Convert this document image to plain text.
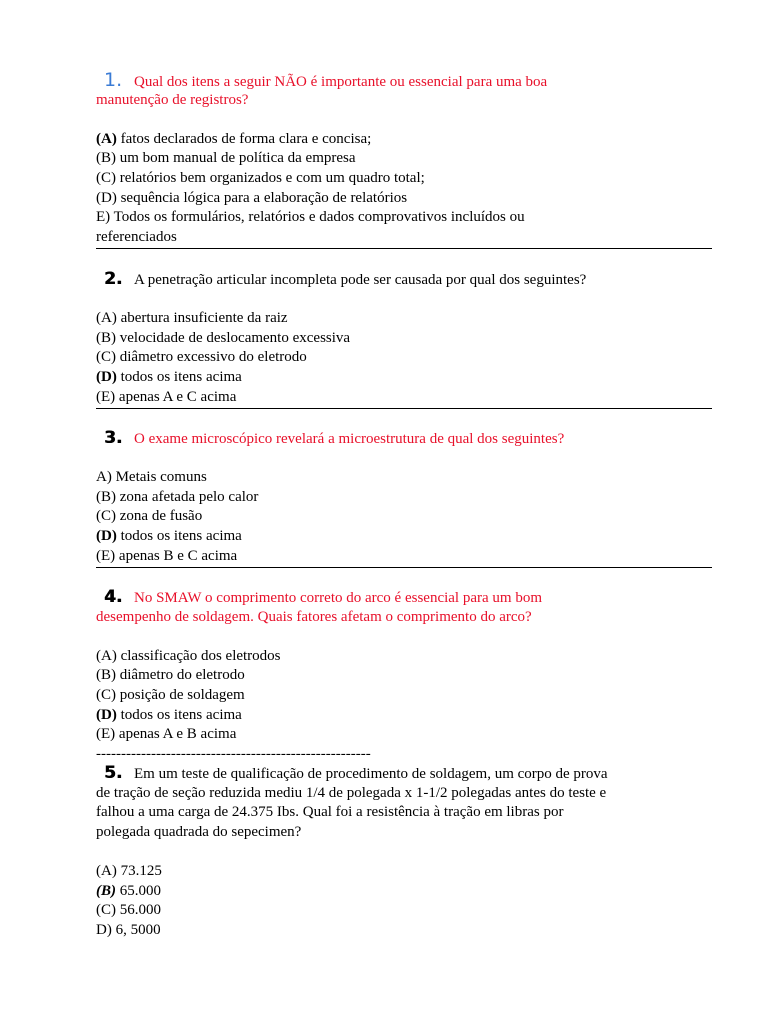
1. Qual dos itens a seguir NÃO é importante ou essencial para uma boa
manutenção de registros?
(A) fatos declarados de forma clara e concisa;
(B) um bom manual de política da empresa
(C) relatórios bem organizados e com um quadro total;
(D) sequência lógica para a elaboração de relatórios
E) Todos os formulários, relatórios e dados comprovativos incluídos ou
referenciados
2. A penetração articular incompleta pode ser causada por qual dos seguintes?
(A) abertura insuficiente da raiz
(B) velocidade de deslocamento excessiva
(C) diâmetro excessivo do eletrodo
(D) todos os itens acima
(E) apenas A e C acima
3. O exame microscópico revelará a microestrutura de qual dos seguintes?
A) Metais comuns
(B) zona afetada pelo calor
(C) zona de fusão
(D) todos os itens acima
(E) apenas B e C acima
4. No SMAW o comprimento correto do arco é essencial para um bom
desempenho de soldagem. Quais fatores afetam o comprimento do arco?
(A) classificação dos eletrodos
(B) diâmetro do eletrodo
(C) posição de soldagem
(D) todos os itens acima
(E) apenas A e B acima
-------------------------------------------------------
5. Em um teste de qualificação de procedimento de soldagem, um corpo de prova
de tração de seção reduzida mediu 1/4 de polegada x 1-1/2 polegadas antes do teste e
falhou a uma carga de 24.375 Ibs. Qual foi a resistência à tração em libras por
polegada quadrada do sepecimen?
(A) 73.125
(B) 65.000
(C) 56.000
D) 6, 5000
